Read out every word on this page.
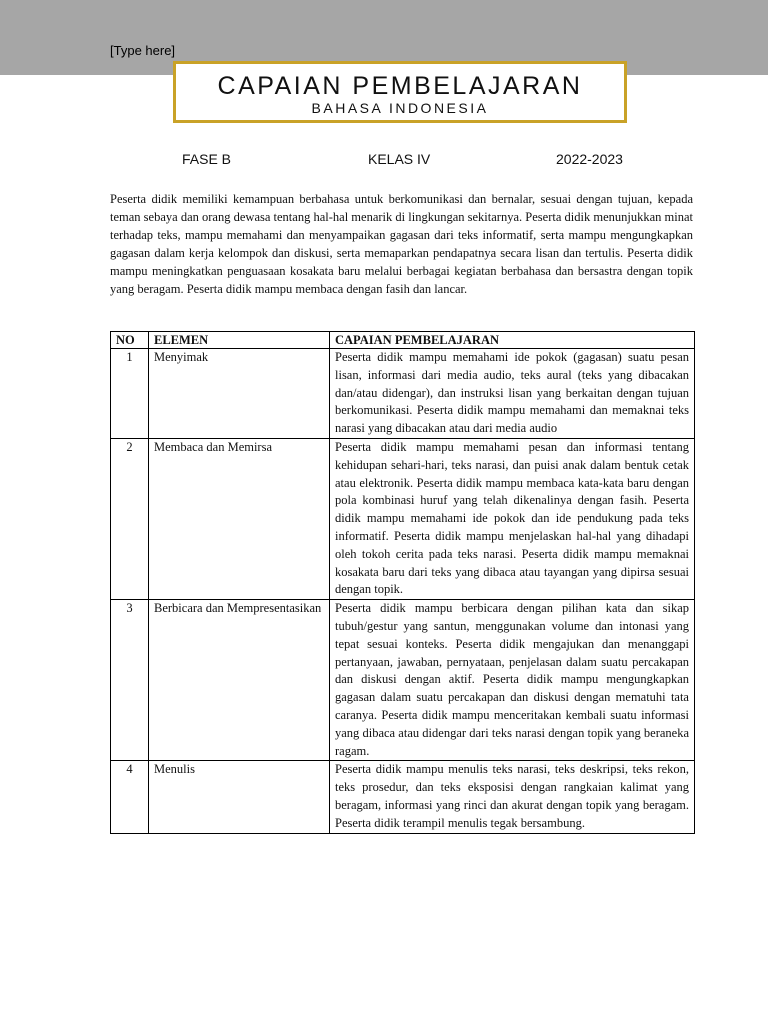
[Type here]
CAPAIAN PEMBELAJARAN
BAHASA INDONESIA
FASE B	KELAS IV	2022-2023

Peserta didik memiliki kemampuan berbahasa untuk berkomunikasi dan bernalar, sesuai dengan tujuan, kepada teman sebaya dan orang dewasa tentang hal-hal menarik di lingkungan sekitarnya. Peserta didik menunjukkan minat terhadap teks, mampu memahami dan menyampaikan gagasan dari teks informatif, serta mampu mengungkapkan gagasan dalam kerja kelompok dan diskusi, serta memaparkan pendapatnya secara lisan dan tertulis. Peserta didik mampu meningkatkan penguasaan kosakata baru melalui berbagai kegiatan berbahasa dan bersastra dengan topik yang beragam. Peserta didik mampu membaca dengan fasih dan lancar.

NO	ELEMEN	CAPAIAN PEMBELAJARAN
1	Menyimak	Peserta didik mampu memahami ide pokok (gagasan) suatu pesan lisan, informasi dari media audio, teks aural (teks yang dibacakan dan/atau didengar), dan instruksi lisan yang berkaitan dengan tujuan berkomunikasi. Peserta didik mampu memahami dan memaknai teks narasi yang dibacakan atau dari media audio
2	Membaca dan Memirsa	Peserta didik mampu memahami pesan dan informasi tentang kehidupan sehari-hari, teks narasi, dan puisi anak dalam bentuk cetak atau elektronik. Peserta didik mampu membaca kata-kata baru dengan pola kombinasi huruf yang telah dikenalinya dengan fasih. Peserta didik mampu memahami ide pokok dan ide pendukung pada teks informatif. Peserta didik mampu menjelaskan hal-hal yang dihadapi oleh tokoh cerita pada teks narasi. Peserta didik mampu memaknai kosakata baru dari teks yang dibaca atau tayangan yang dipirsa sesuai dengan topik.
3	Berbicara dan Mempresentasikan	Peserta didik mampu berbicara dengan pilihan kata dan sikap tubuh/gestur yang santun, menggunakan volume dan intonasi yang tepat sesuai konteks. Peserta didik mengajukan dan menanggapi pertanyaan, jawaban, pernyataan, penjelasan dalam suatu percakapan dan diskusi dengan aktif. Peserta didik mampu mengungkapkan gagasan dalam suatu percakapan dan diskusi dengan mematuhi tata caranya. Peserta didik mampu menceritakan kembali suatu informasi yang dibaca atau didengar dari teks narasi dengan topik yang beraneka ragam.
4	Menulis	Peserta didik mampu menulis teks narasi, teks deskripsi, teks rekon, teks prosedur, dan teks eksposisi dengan rangkaian kalimat yang beragam, informasi yang rinci dan akurat dengan topik yang beragam. Peserta didik terampil menulis tegak bersambung.
